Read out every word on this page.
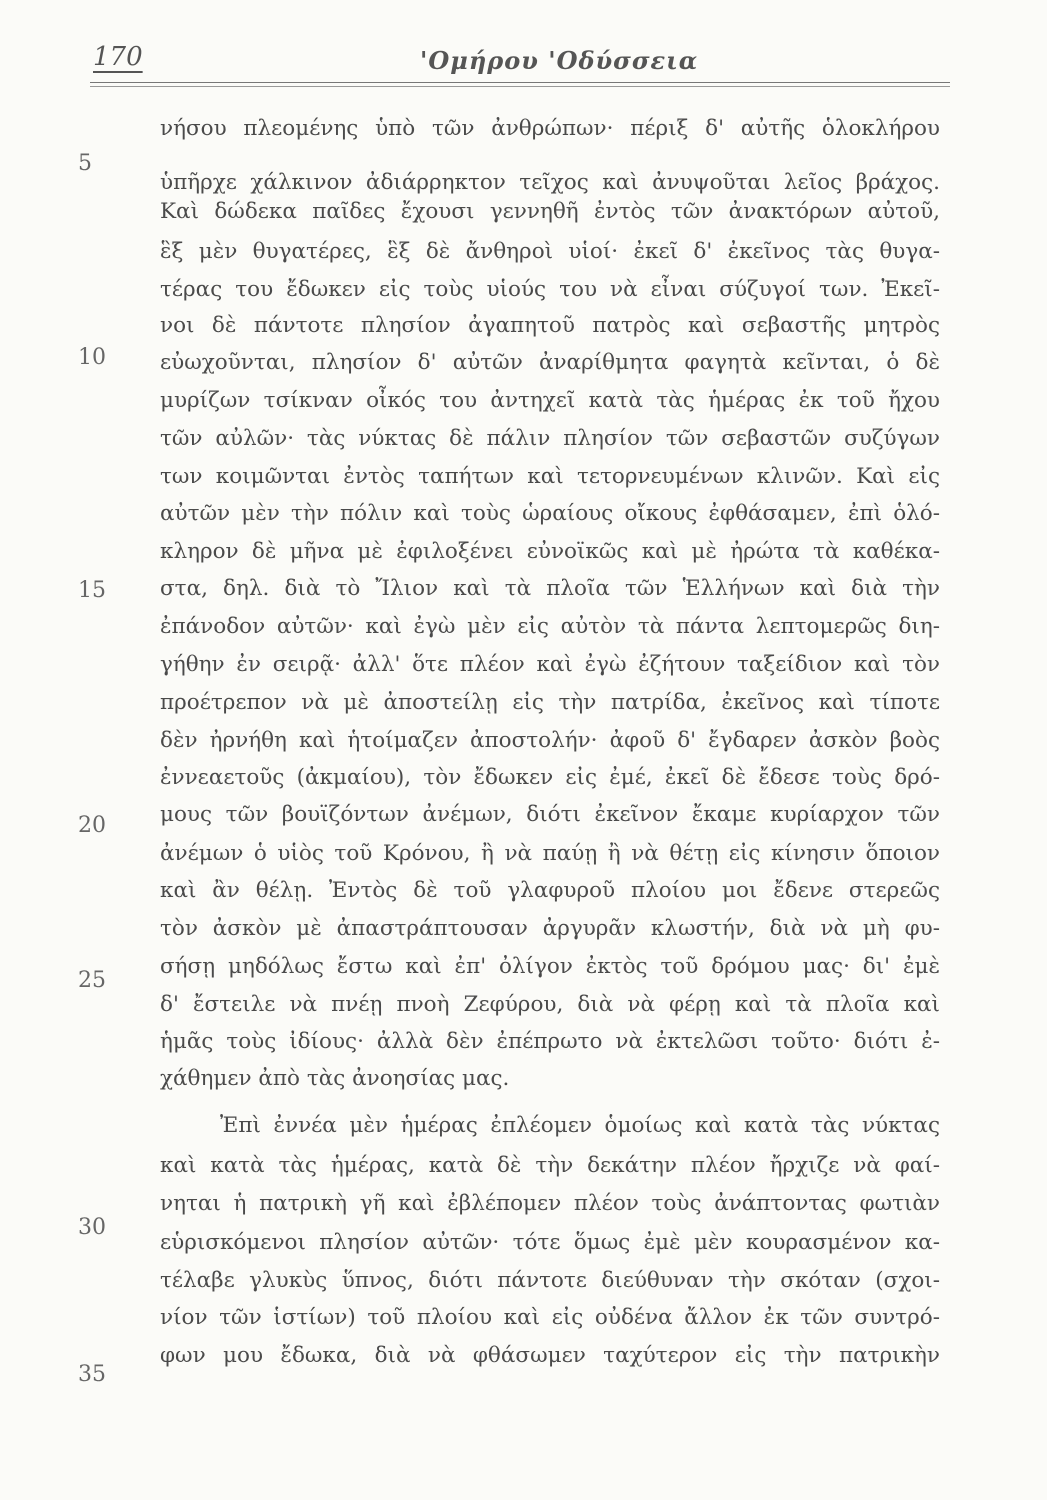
170	'Ομήρου 'Οδύσσεια
νήσου πλεομένης ὑπὸ τῶν ἀνθρώπων· πέριξ δ' αὐτῆς ὁλοκλήρου
ὑπῆρχε χάλκινον ἀδιάρρηκτον τεῖχος καὶ ἀνυψοῦται λεῖος βράχος.
Καὶ δώδεκα παῖδες ἔχουσι γεννηθῆ ἐντὸς τῶν ἀνακτόρων αὐτοῦ,
ἓξ μὲν θυγατέρες, ἓξ δὲ ἄνθηροὶ υἱοί· ἐκεῖ δ' ἐκεῖνος τὰς θυγα-
τέρας του ἔδωκεν εἰς τοὺς υἱούς του νὰ εἶναι σύζυγοί των. Ἐκεῖ-
νοι δὲ πάντοτε πλησίον ἀγαπητοῦ πατρὸς καὶ σεβαστῆς μητρὸς
εὐωχοῦνται, πλησίον δ' αὐτῶν ἀναρίθμητα φαγητὰ κεῖνται, ὁ δὲ
μυρίζων τσίκναν οἶκός του ἀντηχεῖ κατὰ τὰς ἡμέρας ἐκ τοῦ ἤχου
τῶν αὐλῶν· τὰς νύκτας δὲ πάλιν πλησίον τῶν σεβαστῶν συζύγων
των κοιμῶνται ἐντὸς ταπήτων καὶ τετορνευμένων κλινῶν. Καὶ εἰς
αὐτῶν μὲν τὴν πόλιν καὶ τοὺς ὡραίους οἴκους ἐφθάσαμεν, ἐπὶ ὁλό-
κληρον δὲ μῆνα μὲ ἐφιλοξένει εὐνοϊκῶς καὶ μὲ ἠρώτα τὰ καθέκα-
στα, δηλ. διὰ τὸ Ἴλιον καὶ τὰ πλοῖα τῶν Ἑλλήνων καὶ διὰ τὴν
ἐπάνοδον αὐτῶν· καὶ ἐγὼ μὲν εἰς αὐτὸν τὰ πάντα λεπτομερῶς διη-
γήθην ἐν σειρᾷ· ἀλλ' ὅτε πλέον καὶ ἐγὼ ἐζήτουν ταξείδιον καὶ τὸν
προέτρεπον νὰ μὲ ἀποστείλῃ εἰς τὴν πατρίδα, ἐκεῖνος καὶ τίποτε
δὲν ἠρνήθη καὶ ἡτοίμαζεν ἀποστολήν· ἀφοῦ δ' ἔγδαρεν ἀσκὸν βοὸς
ἐννεαετοῦς (ἀκμαίου), τὸν ἔδωκεν εἰς ἐμέ, ἐκεῖ δὲ ἔδεσε τοὺς δρό-
μους τῶν βουϊζόντων ἀνέμων, διότι ἐκεῖνον ἔκαμε κυρίαρχον τῶν
ἀνέμων ὁ υἱὸς τοῦ Κρόνου, ἢ νὰ παύῃ ἢ νὰ θέτῃ εἰς κίνησιν ὅποιον
καὶ ἂν θέλῃ. Ἐντὸς δὲ τοῦ γλαφυροῦ πλοίου μοι ἔδενε στερεῶς
τὸν ἀσκὸν μὲ ἀπαστράπτουσαν ἀργυρᾶν κλωστήν, διὰ νὰ μὴ φυ-
σήσῃ μηδόλως ἔστω καὶ ἐπ' ὀλίγον ἐκτὸς τοῦ δρόμου μας· δι' ἐμὲ
δ' ἔστειλε νὰ πνέῃ πνοὴ Ζεφύρου, διὰ νὰ φέρῃ καὶ τὰ πλοῖα καὶ
ἡμᾶς τοὺς ἰδίους· ἀλλὰ δὲν ἐπέπρωτο νὰ ἐκτελῶσι τοῦτο· διότι ἐ-
χάθημεν ἀπὸ τὰς ἀνοησίας μας.
Ἐπὶ ἐννέα μὲν ἡμέρας ἐπλέομεν ὁμοίως καὶ κατὰ τὰς νύκτας
καὶ κατὰ τὰς ἡμέρας, κατὰ δὲ τὴν δεκάτην πλέον ἤρχιζε νὰ φαί-
νηται ἡ πατρικὴ γῆ καὶ ἐβλέπομεν πλέον τοὺς ἀνάπτοντας φωτιὰν
εὑρισκόμενοι πλησίον αὐτῶν· τότε ὅμως ἐμὲ μὲν κουρασμένον κα-
τέλαβε γλυκὺς ὕπνος, διότι πάντοτε διεύθυναν τὴν σκόταν (σχοι-
νίον τῶν ἱστίων) τοῦ πλοίου καὶ εἰς οὐδένα ἄλλον ἐκ τῶν συντρό-
φων μου ἔδωκα, διὰ νὰ φθάσωμεν ταχύτερον εἰς τὴν πατρικὴν
5
10
15
20
25
30
35
